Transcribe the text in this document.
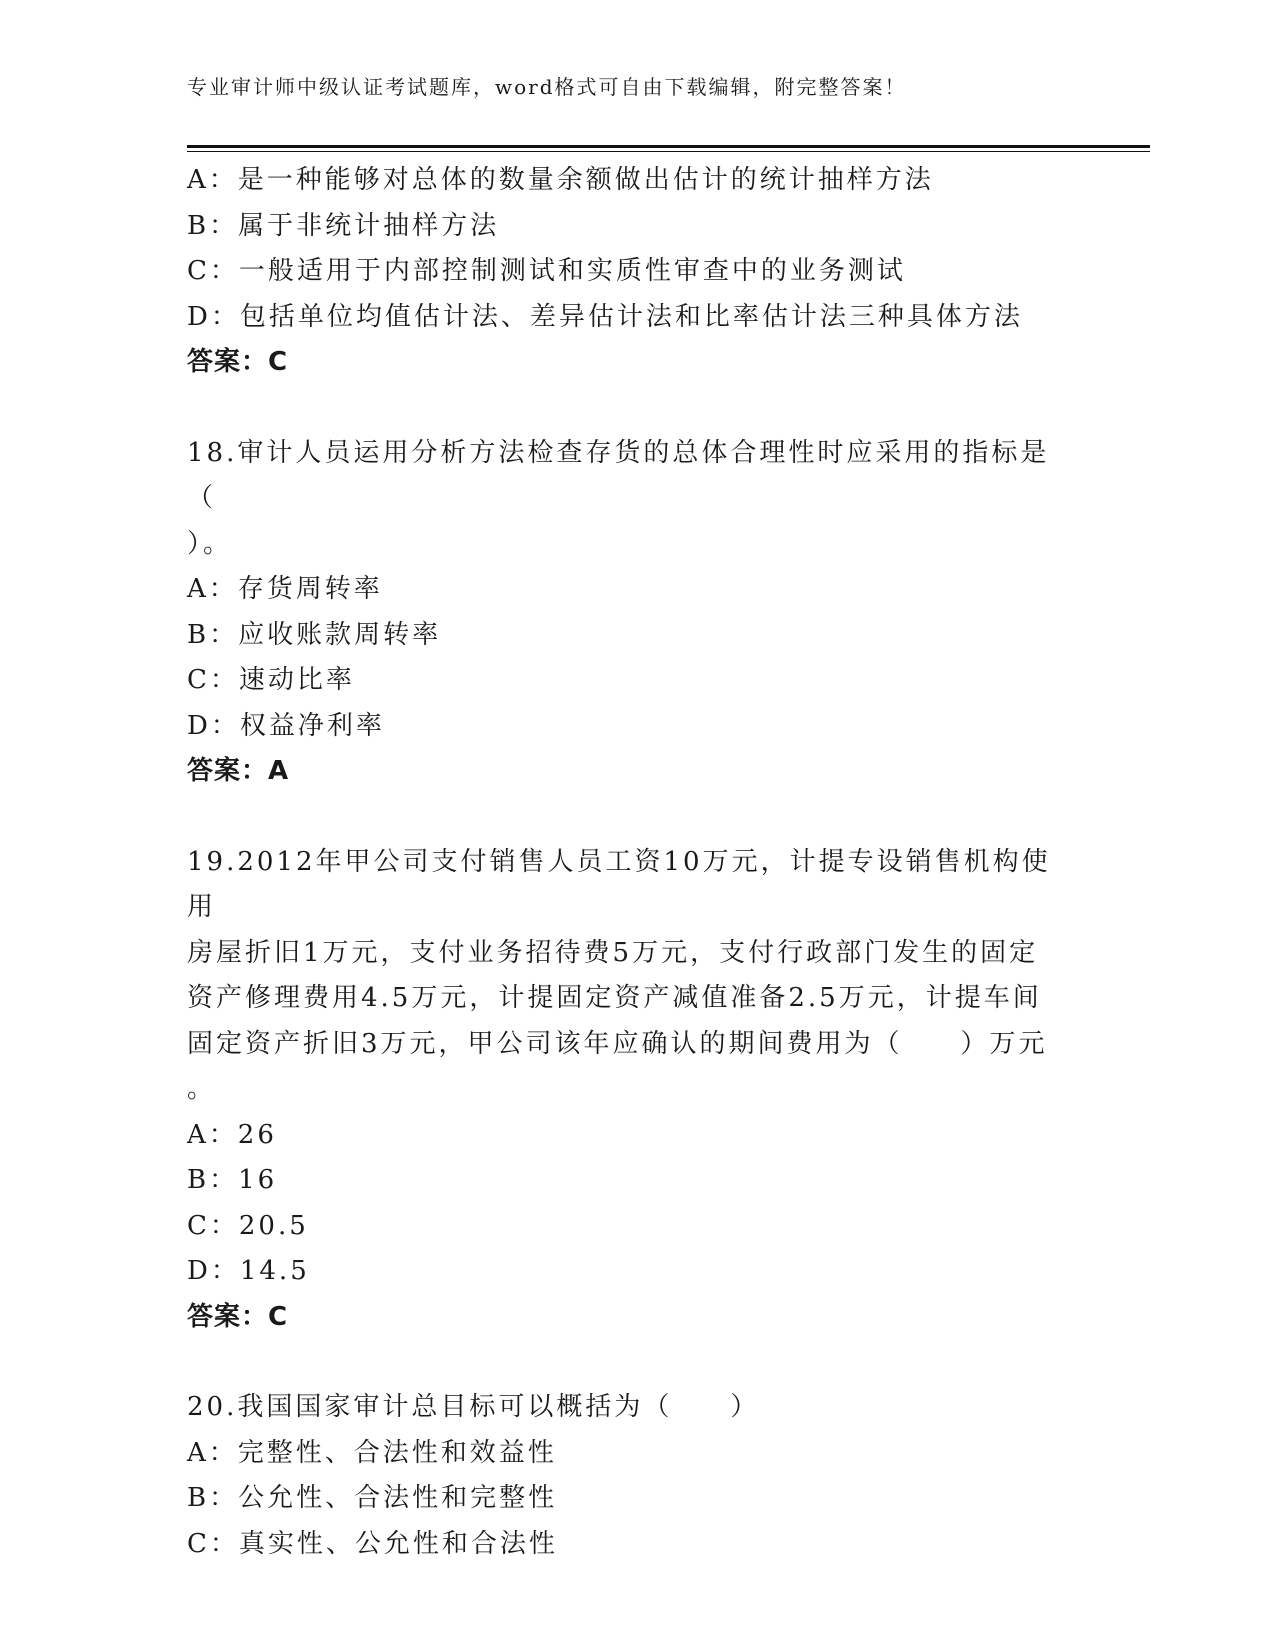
专业审计师中级认证考试题库，word格式可自由下载编辑，附完整答案！
A：是一种能够对总体的数量余额做出估计的统计抽样方法
B：属于非统计抽样方法
C：一般适用于内部控制测试和实质性审查中的业务测试
D：包括单位均值估计法、差异估计法和比率估计法三种具体方法
答案：C
18.审计人员运用分析方法检查存货的总体合理性时应采用的指标是（
）。
A：存货周转率
B：应收账款周转率
C：速动比率
D：权益净利率
答案：A
19.2012年甲公司支付销售人员工资10万元，计提专设销售机构使用
房屋折旧1万元，支付业务招待费5万元，支付行政部门发生的固定
资产修理费用4.5万元，计提固定资产减值准备2.5万元，计提车间
固定资产折旧3万元，甲公司该年应确认的期间费用为（　　）万元
。
A：26
B：16
C：20.5
D：14.5
答案：C
20.我国国家审计总目标可以概括为（　　）
A：完整性、合法性和效益性
B：公允性、合法性和完整性
C：真实性、公允性和合法性
